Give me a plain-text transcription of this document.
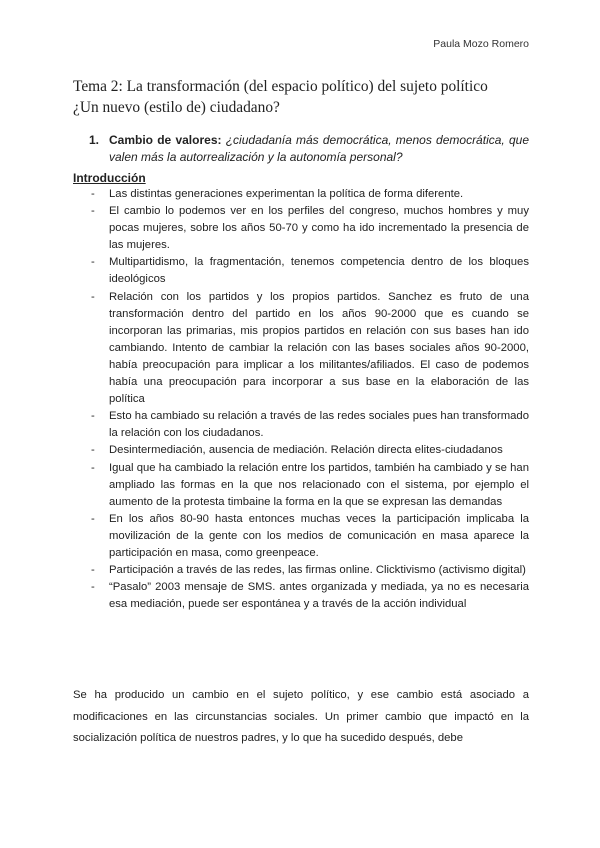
Paula Mozo Romero
Tema 2: La transformación (del espacio político) del sujeto político
¿Un nuevo (estilo de) ciudadano?
1. Cambio de valores: ¿ciudadanía más democrática, menos democrática, que valen más la autorrealización y la autonomía personal?
Introducción
- Las distintas generaciones experimentan la política de forma diferente.
- El cambio lo podemos ver en los perfiles del congreso, muchos hombres y muy pocas mujeres, sobre los años 50-70 y como ha ido incrementado la presencia de las mujeres.
- Multipartidismo, la fragmentación, tenemos competencia dentro de los bloques ideológicos
- Relación con los partidos y los propios partidos. Sanchez es fruto de una transformación dentro del partido en los años 90-2000 que es cuando se incorporan las primarias, mis propios partidos en relación con sus bases han ido cambiando. Intento de cambiar la relación con las bases sociales años 90-2000, había preocupación para implicar a los militantes/afiliados. El caso de podemos había una preocupación para incorporar a sus base en la elaboración de las política
- Esto ha cambiado su relación a través de las redes sociales pues han transformado la relación con los ciudadanos.
- Desintermediación, ausencia de mediación. Relación directa elites-ciudadanos
- Igual que ha cambiado la relación entre los partidos, también ha cambiado y se han ampliado las formas en la que nos relacionado con el sistema, por ejemplo el aumento de la protesta timbaine la forma en la que se expresan las demandas
- En los años 80-90 hasta entonces muchas veces la participación implicaba la movilización de la gente con los medios de comunicación en masa aparece la participación en masa, como greenpeace.
- Participación a través de las redes, las firmas online. Clicktivismo (activismo digital)
- “Pasalo” 2003 mensaje de SMS. antes organizada y mediada, ya no es necesaria esa mediación, puede ser espontánea y a través de la acción individual

Se ha producido un cambio en el sujeto político, y ese cambio está asociado a modificaciones en las circunstancias sociales. Un primer cambio que impactó en la socialización política de nuestros padres, y lo que ha sucedido después, debe
